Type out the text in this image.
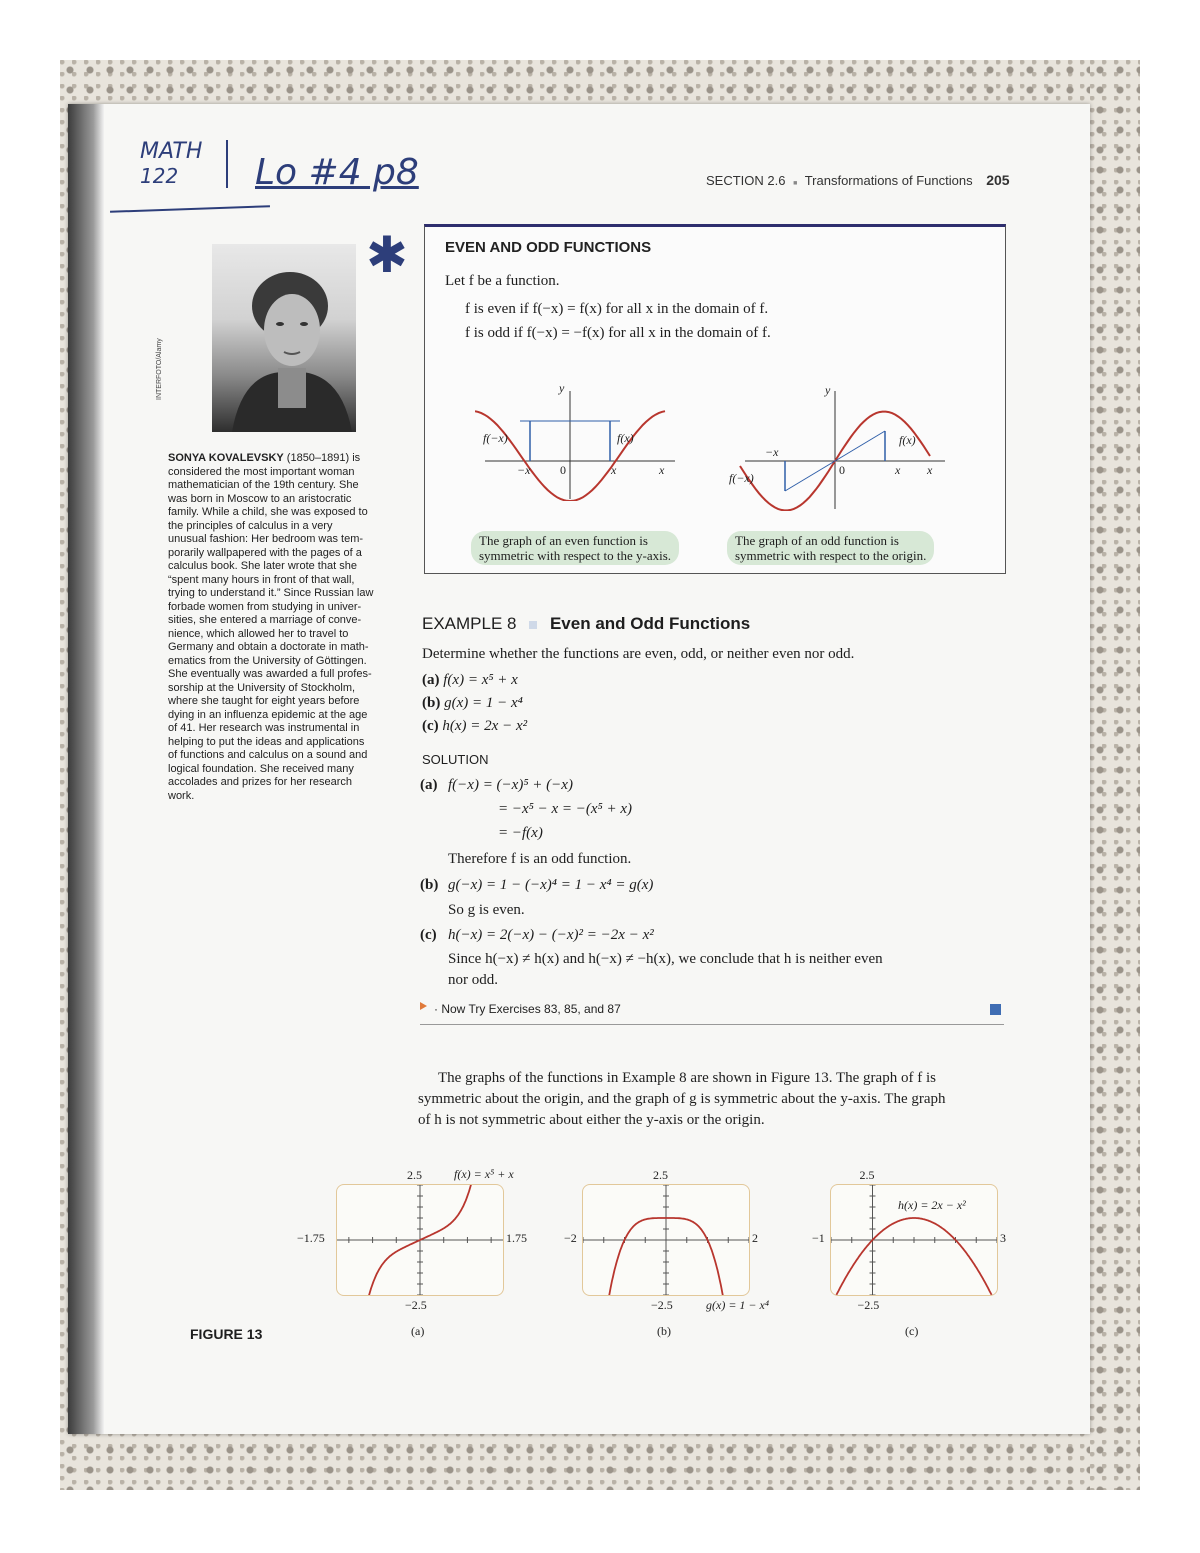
MATH
122	Lo #4 p8
✱
SECTION 2.6 ■ Transformations of Functions 205
INTERFOTO/Alamy
SONYA KOVALEVSKY (1850–1891) is
considered the most important woman
mathematician of the 19th century. She
was born in Moscow to an aristocratic
family. While a child, she was exposed to
the principles of calculus in a very
unusual fashion: Her bedroom was tem-
porarily wallpapered with the pages of a
calculus book. She later wrote that she
“spent many hours in front of that wall,
trying to understand it.” Since Russian law
forbade women from studying in univer-
sities, she entered a marriage of conve-
nience, which allowed her to travel to
Germany and obtain a doctorate in math-
ematics from the University of Göttingen.
She eventually was awarded a full profes-
sorship at the University of Stockholm,
where she taught for eight years before
dying in an influenza epidemic at the age
of 41. Her research was instrumental in
helping to put the ideas and applications
of functions and calculus on a sound and
logical foundation. She received many
accolades and prizes for her research
work.
EVEN AND ODD FUNCTIONS
Let f be a function.
f is even if f(−x) = f(x) for all x in the domain of f.
f is odd if f(−x) = −f(x) for all x in the domain of f.
y
f(−x)	f(x)
−x 0	x	x
The graph of an even function is
symmetric with respect to the y-axis.
y
f(x)
−x
0	x x
f(−x)
The graph of an odd function is
symmetric with respect to the origin.
EXAMPLE 8 Even and Odd Functions
Determine whether the functions are even, odd, or neither even nor odd.
(a) f(x) = x⁵ + x
(b) g(x) = 1 − x⁴
(c) h(x) = 2x − x²
SOLUTION
(a) f(−x) = (−x)⁵ + (−x)
= −x⁵ − x = −(x⁵ + x)
= −f(x)
Therefore f is an odd function.
(b) g(−x) = 1 − (−x)⁴ = 1 − x⁴ = g(x)
So g is even.
(c) h(−x) = 2(−x) − (−x)² = −2x − x²
Since h(−x) ≠ h(x) and h(−x) ≠ −h(x), we conclude that h is neither even
nor odd.
· Now Try Exercises 83, 85, and 87
The graphs of the functions in Example 8 are shown in Figure 13. The graph of f is
symmetric about the origin, and the graph of g is symmetric about the y-axis. The graph
of h is not symmetric about either the y-axis or the origin.
FIGURE 13
2.5
−2.5
−1.75	1.75
(a)
f(x) = x⁵ + x	2.5
−2.5
−2	2
(b)
g(x) = 1 − x⁴
2.5
−2.5
−1	3
(c)
h(x) = 2x − x²
